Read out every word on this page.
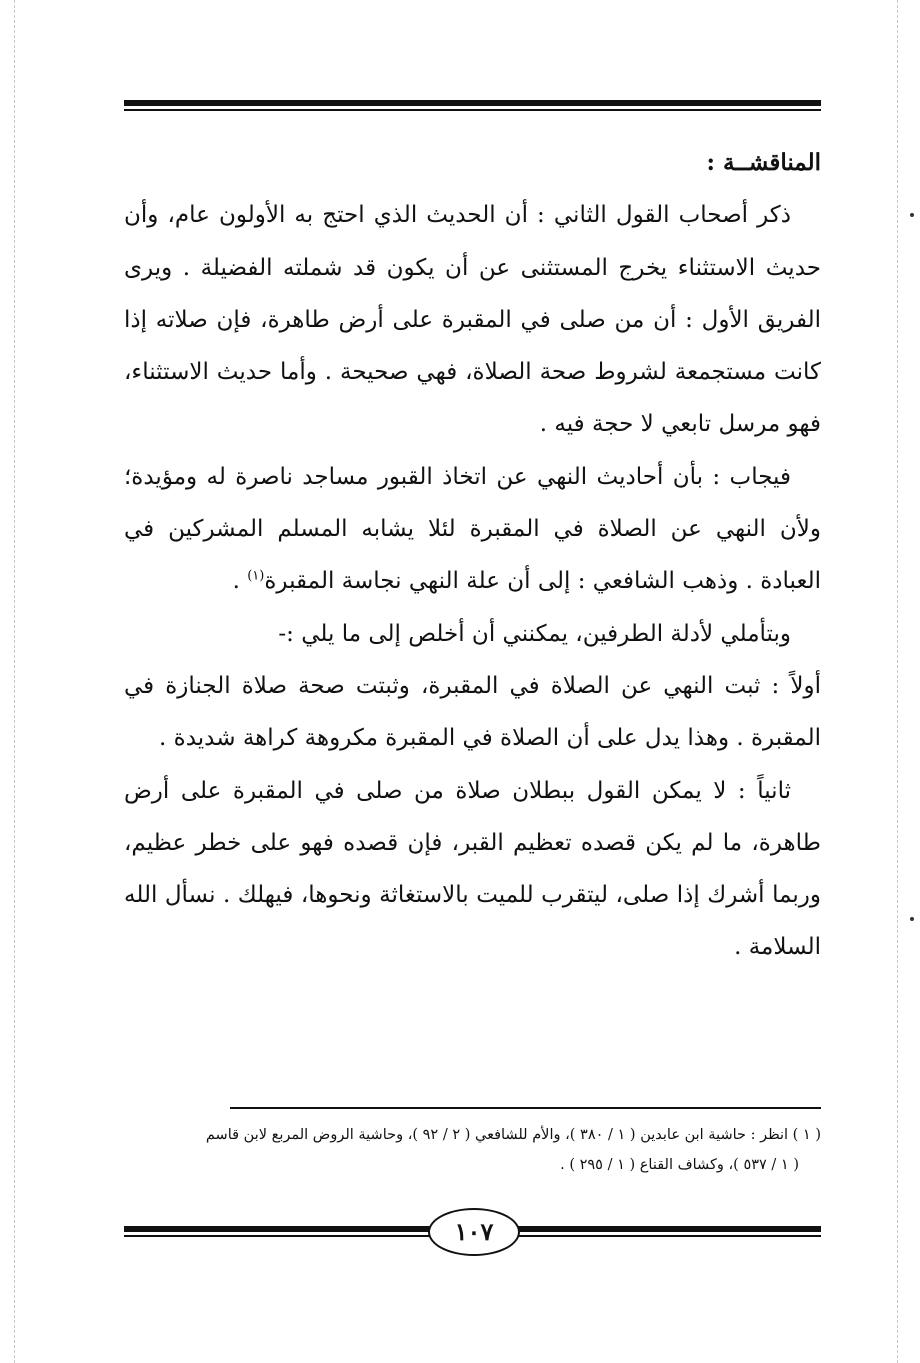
المناقشــة :

ذكر أصحاب القول الثاني : أن الحديث الذي احتج به الأولون عام، وأن حديث الاستثناء يخرج المستثنى عن أن يكون قد شملته الفضيلة . ويرى الفريق الأول : أن من صلى في المقبرة على أرض طاهرة، فإن صلاته إذا كانت مستجمعة لشروط صحة الصلاة، فهي صحيحة . وأما حديث الاستثناء، فهو مرسل تابعي لا حجة فيه .

فيجاب : بأن أحاديث النهي عن اتخاذ القبور مساجد ناصرة له ومؤيدة؛ ولأن النهي عن الصلاة في المقبرة لئلا يشابه المسلم المشركين في العبادة . وذهب الشافعي : إلى أن علة النهي نجاسة المقبرة$^{(١)}$ .

وبتأملي لأدلة الطرفين، يمكنني أن أخلص إلى ما يلي :-

أولاً : ثبت النهي عن الصلاة في المقبرة، وثبتت صحة صلاة الجنازة في المقبرة . وهذا يدل على أن الصلاة في المقبرة مكروهة كراهة شديدة .

ثانياً : لا يمكن القول ببطلان صلاة من صلى في المقبرة على أرض طاهرة، ما لم يكن قصده تعظيم القبر، فإن قصده فهو على خطر عظيم، وربما أشرك إذا صلى، ليتقرب للميت بالاستغاثة ونحوها، فيهلك . نسأل الله السلامة .

( ١ ) انظر : حاشية ابن عابدين ( ١ / ٣٨٠ )، والأم للشافعي ( ٢ / ٩٢ )، وحاشية الروض المربع لابن قاسم

( ١ / ٥٣٧ )، وكشاف القناع ( ١ / ٢٩٥ ) .

١٠٧
